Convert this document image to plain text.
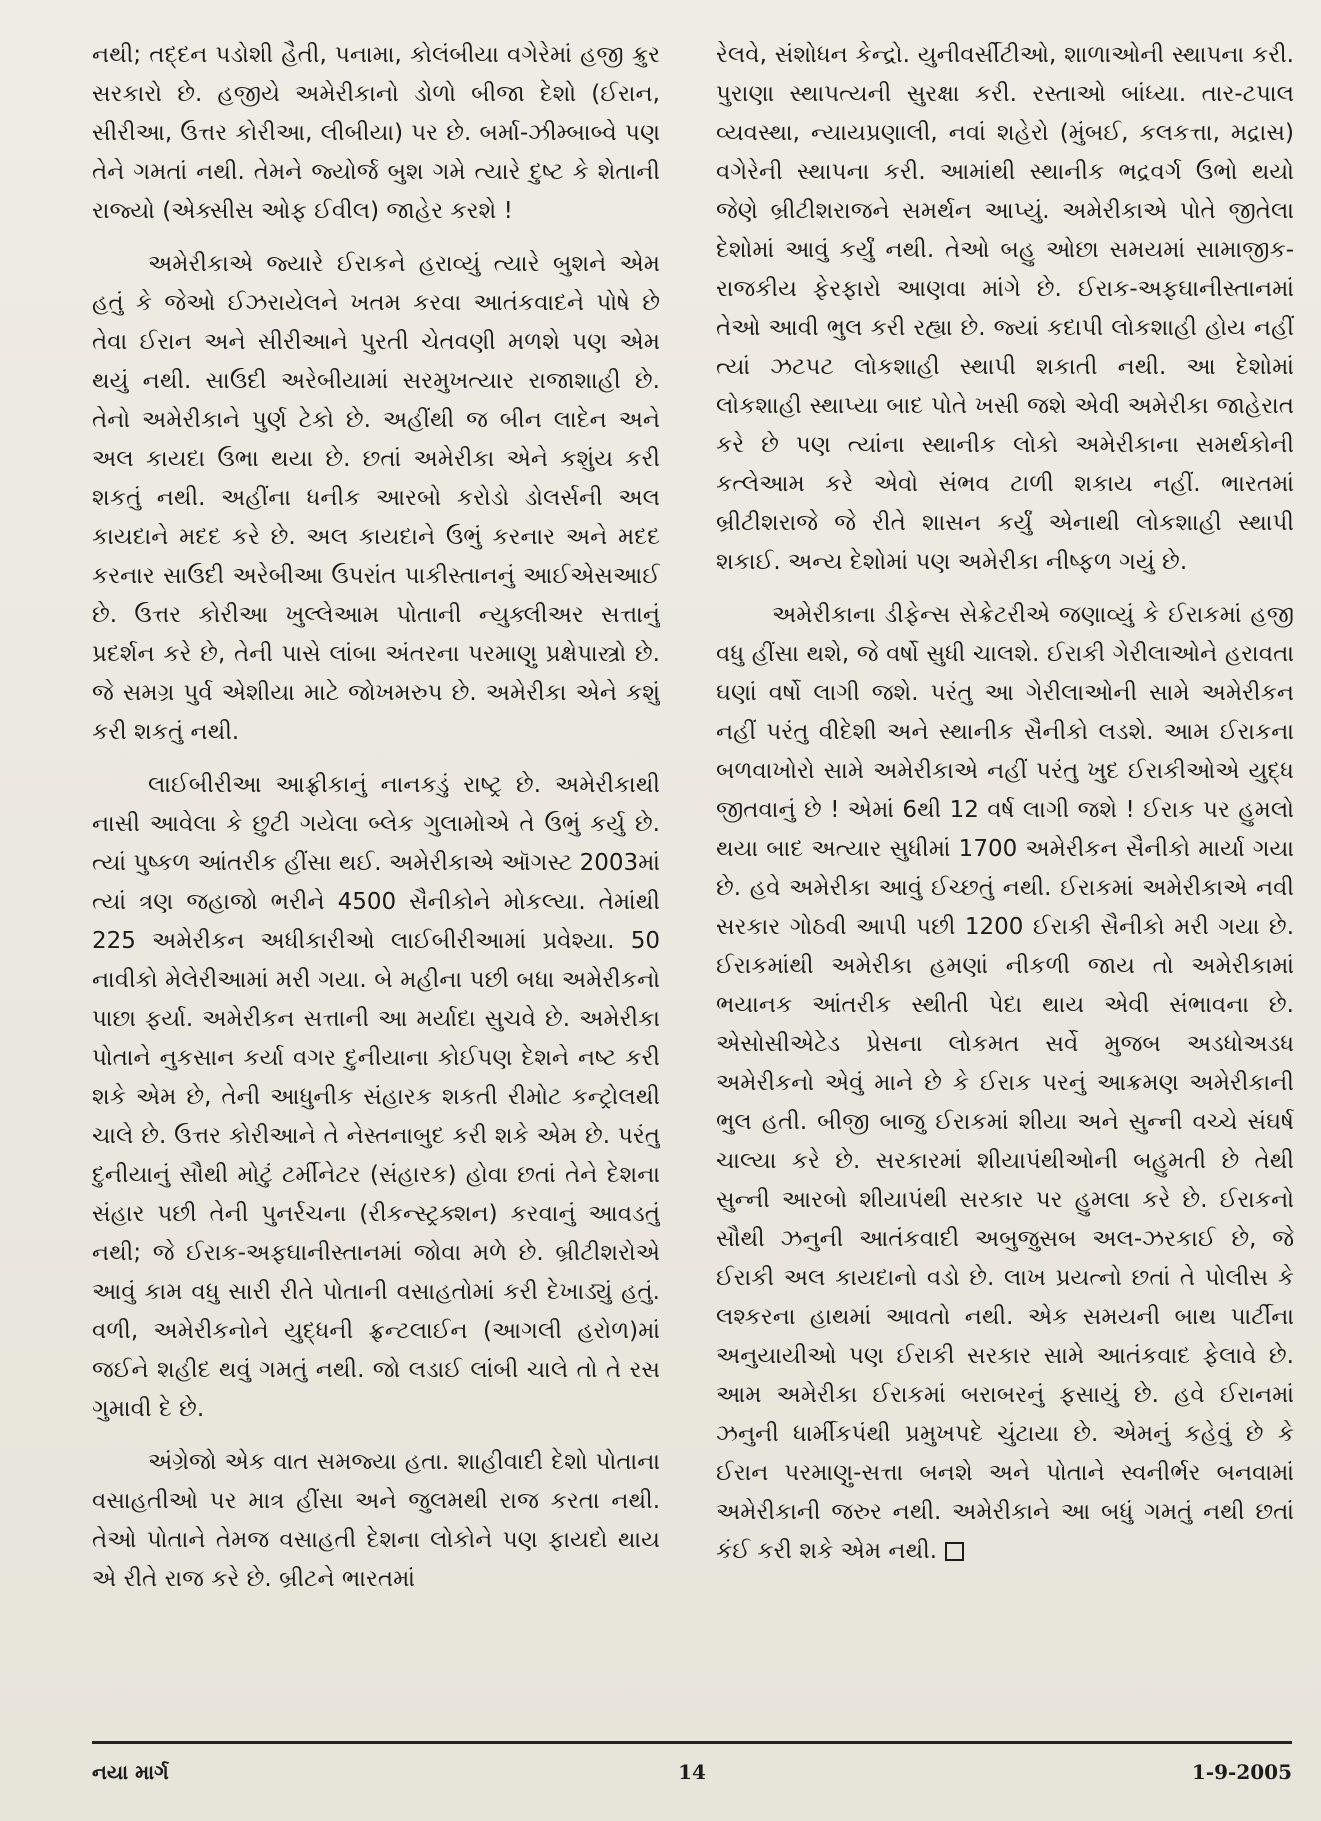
નથી; તદ્દન પડોશી હૈતી, પનામા, કોલંબીયા વગેરેમાં હજી ક્રુર સરકારો છે. હજીયે અમેરીકાનો ડોળો બીજા દેશો (ઈરાન, સીરીઆ, ઉત્તર કોરીઆ, લીબીયા) પર છે. બર્મા-ઝીમ્બાબ્વે પણ તેને ગમતાં નથી. તેમને જ્યોર્જ બુશ ગમે ત્યારે દુષ્ટ કે શેતાની રાજ્યો (એક્સીસ ઓફ ઈવીલ) જાહેર કરશે !

અમેરીકાએ જ્યારે ઈરાકને હરાવ્યું ત્યારે બુશને એમ હતું કે જેઓ ઈઝરાયેલને ખતમ કરવા આતંકવાદને પોષે છે તેવા ઈરાન અને સીરીઆને પુરતી ચેતવણી મળશે પણ એમ થયું નથી. સાઉદી અરેબીયામાં સરમુખત્યાર રાજાશાહી છે. તેનો અમેરીકાને પુર્ણ ટેકો છે. અહીંથી જ બીન લાદેન અને અલ કાયદા ઉભા થયા છે. છતાં અમેરીકા એને કશુંય કરી શકતું નથી. અહીંના ધનીક આરબો કરોડો ડોલર્સની અલ કાયદાને મદદ કરે છે. અલ કાયદાને ઉભું કરનાર અને મદદ કરનાર સાઉદી અરેબીઆ ઉપરાંત પાકીસ્તાનનું આઈએસઆઈ છે. ઉત્તર કોરીઆ ખુલ્લેઆમ પોતાની ન્યુક્લીઅર સત્તાનું પ્રદર્શન કરે છે, તેની પાસે લાંબા અંતરના પરમાણુ પ્રક્ષેપાસ્ત્રો છે. જે સમગ્ર પુર્વ એશીયા માટે જોખમરુપ છે. અમેરીકા એને કશું કરી શકતું નથી.

લાઈબીરીઆ આફ્રીકાનું નાનકડું રાષ્ટ્ર છે. અમેરીકાથી નાસી આવેલા કે છુટી ગયેલા બ્લેક ગુલામોએ તે ઉભું કર્યુ છે. ત્યાં પુષ્કળ આંતરીક હીંસા થઈ. અમેરીકાએ ઑગસ્ટ 2003માં ત્યાં ત્રણ જહાજો ભરીને 4500 સૈનીકોને મોકલ્યા. તેમાંથી 225 અમેરીકન અધીકારીઓ લાઈબીરીઆમાં પ્રવેશ્યા. 50 નાવીકો મેલેરીઆમાં મરી ગયા. બે મહીના પછી બધા અમેરીકનો પાછા ફર્યા. અમેરીકન સત્તાની આ મર્યાદા સુચવે છે. અમેરીકા પોતાને નુકસાન કર્યા વગર દુનીયાના કોઈપણ દેશને નષ્ટ કરી શકે એમ છે, તેની આધુનીક સંહારક શકતી રીમોટ કન્ટ્રોલથી ચાલે છે. ઉત્તર કોરીઆને તે નેસ્તનાબુદ કરી શકે એમ છે. પરંતુ દુનીયાનું સૌથી મોટું ટર્મીનેટર (સંહારક) હોવા છતાં તેને દેશના સંહાર પછી તેની પુનર્રચના (રીકન્સ્ટ્રક્શન) કરવાનું આવડતું નથી; જે ઈરાક-અફઘાનીસ્તાનમાં જોવા મળે છે. બ્રીટીશરોએ આવું કામ વધુ સારી રીતે પોતાની વસાહતોમાં કરી દેખાડ્યું હતું. વળી, અમેરીકનોને યુદ્ધની ફ્રન્ટલાઈન (આગલી હરોળ)માં જઈને શહીદ થવું ગમતું નથી. જો લડાઈ લાંબી ચાલે તો તે રસ ગુમાવી દે છે.

અંગ્રેજો એક વાત સમજ્યા હતા. શાહીવાદી દેશો પોતાના વસાહતીઓ પર માત્ર હીંસા અને જુલમથી રાજ કરતા નથી. તેઓ પોતાને તેમજ વસાહતી દેશના લોકોને પણ ફાયદો થાય એ રીતે રાજ કરે છે. બ્રીટને ભારતમાં

રેલવે, સંશોધન કેન્દ્રો. યુનીવર્સીટીઓ, શાળાઓની સ્થાપના કરી. પુરાણા સ્થાપત્યની સુરક્ષા કરી. રસ્તાઓ બાંધ્યા. તાર-ટપાલ વ્યવસ્થા, ન્યાયપ્રણાલી, નવાં શહેરો (મુંબઈ, કલકત્તા, મદ્રાસ) વગેરેની સ્થાપના કરી. આમાંથી સ્થાનીક ભદ્રવર્ગ ઉભો થયો જેણે બ્રીટીશરાજને સમર્થન આપ્યું. અમેરીકાએ પોતે જીતેલા દેશોમાં આવું કર્યું નથી. તેઓ બહુ ઓછા સમયમાં સામાજીક-રાજકીય ફેરફારો આણવા માંગે છે. ઈરાક-અફઘાનીસ્તાનમાં તેઓ આવી ભુલ કરી રહ્યા છે. જ્યાં કદાપી લોકશાહી હોય નહીં ત્યાં ઝટપટ લોકશાહી સ્થાપી શકાતી નથી. આ દેશોમાં લોકશાહી સ્થાપ્યા બાદ પોતે ખસી જશે એવી અમેરીકા જાહેરાત કરે છે પણ ત્યાંના સ્થાનીક લોકો અમેરીકાના સમર્થકોની કત્લેઆમ કરે એવો સંભવ ટાળી શકાય નહીં. ભારતમાં બ્રીટીશરાજે જે રીતે શાસન કર્યું એનાથી લોકશાહી સ્થાપી શકાઈ. અન્ય દેશોમાં પણ અમેરીકા નીષ્ફળ ગયું છે.

અમેરીકાના ડીફેન્સ સેક્રેટરીએ જણાવ્યું કે ઈરાકમાં હજી વધુ હીંસા થશે, જે વર્ષો સુધી ચાલશે. ઈરાકી ગેરીલાઓને હરાવતા ઘણાં વર્ષો લાગી જશે. પરંતુ આ ગેરીલાઓની સામે અમેરીકન નહીં પરંતુ વીદેશી અને સ્થાનીક સૈનીકો લડશે. આમ ઈરાકના બળવાખોરો સામે અમેરીકાએ નહીં પરંતુ ખુદ ઈરાકીઓએ યુદ્ધ જીતવાનું છે ! એમાં 6થી 12 વર્ષ લાગી જશે ! ઈરાક પર હુમલો થયા બાદ અત્યાર સુધીમાં 1700 અમેરીકન સૈનીકો માર્યા ગયા છે. હવે અમેરીકા આવું ઈચ્છતું નથી. ઈરાકમાં અમેરીકાએ નવી સરકાર ગોઠવી આપી પછી 1200 ઈરાકી સૈનીકો મરી ગયા છે. ઈરાકમાંથી અમેરીકા હમણાં નીકળી જાય તો અમેરીકામાં ભયાનક આંતરીક સ્થીતી પેદા થાય એવી સંભાવના છે. એસોસીએટેડ પ્રેસના લોકમત સર્વે મુજબ અડધોઅડધ અમેરીકનો એવું માને છે કે ઈરાક પરનું આક્રમણ અમેરીકાની ભુલ હતી. બીજી બાજુ ઈરાકમાં શીયા અને સુન્ની વચ્ચે સંઘર્ષ ચાલ્યા કરે છે. સરકારમાં શીયાપંથીઓની બહુમતી છે તેથી સુન્ની આરબો શીયાપંથી સરકાર પર હુમલા કરે છે. ઈરાકનો સૌથી ઝનુની આતંકવાદી અબુજુસબ અલ-ઝરકાઈ છે, જે ઈરાકી અલ કાયદાનો વડો છે. લાખ પ્રયત્નો છતાં તે પોલીસ કે લશ્કરના હાથમાં આવતો નથી. એક સમયની બાથ પાર્ટીના અનુયાયીઓ પણ ઈરાકી સરકાર સામે આતંકવાદ ફેલાવે છે. આમ અમેરીકા ઈરાકમાં બરાબરનું ફસાયું છે. હવે ઈરાનમાં ઝનુની ધાર્મીકપંથી પ્રમુખપદે ચુંટાયા છે. એમનું કહેવું છે કે ઈરાન પરમાણુ-સત્તા બનશે અને પોતાને સ્વનીર્ભર બનવામાં અમેરીકાની જરુર નથી. અમેરીકાને આ બધું ગમતું નથી છતાં કંઈ કરી શકે એમ નથી.

નયા માર્ગ	14	1-9-2005
